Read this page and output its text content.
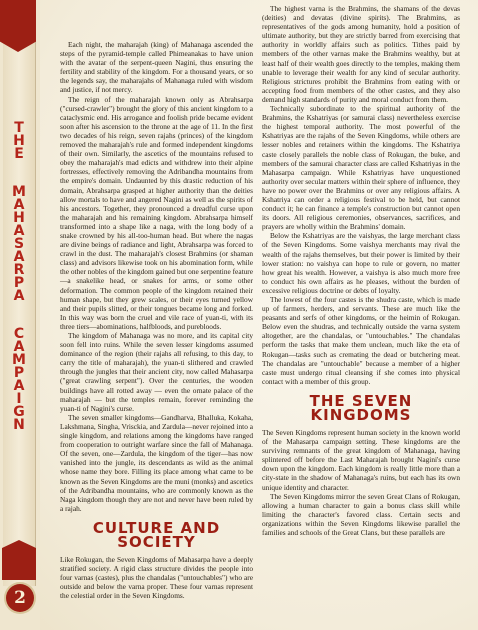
T
H
E
M
A
H
A
S
A
R
P
A
C
A
M
P
A
I
G
N
2

Each night, the maharajah (king) of Mahanaga ascended the steps of the pyramid-temple called Phimeanakas to have union with the avatar of the serpent-queen Nagini, thus ensuring the fertility and stability of the kingdom. For a thousand years, or so the legends say, the maharajahs of Mahanaga ruled with wisdom and justice, if not mercy.

The reign of the maharajah known only as Abrahsarpa ("cursed-crawler") brought the glory of this ancient kingdom to a cataclysmic end. His arrogance and foolish pride became evident soon after his ascension to the throne at the age of 11. In the first two decades of his reign, seven rajahs (princes) of the kingdom removed the maharajah's rule and formed independent kingdoms of their own. Similarly, the ascetics of the mountains refused to obey the maharajah's mad edicts and withdrew into their alpine fortresses, effectively removing the Adribandha mountains from the empire's domain. Undaunted by this drastic reduction of his domain, Abrahsarpa grasped at higher authority than the deities allow mortals to have and angered Nagini as well as the spirits of his ancestors. Together, they pronounced a dreadful curse upon the maharajah and his remaining kingdom. Abrahsarpa himself transformed into a shape like a naga, with the long body of a snake crowned by his all-too-human head. But where the nagas are divine beings of radiance and light, Abrahsarpa was forced to crawl in the dust. The maharajah's closest Brahmins (or shaman class) and advisors likewise took on his abomination form, while the other nobles of the kingdom gained but one serpentine feature—a snakelike head, or snakes for arms, or some other deformation. The common people of the kingdom retained their human shape, but they grew scales, or their eyes turned yellow and their pupils slitted, or their tongues became long and forked. In this way was born the cruel and vile race of yuan-ti, with its three tiers—abominations, halfbloods, and purebloods.

The kingdom of Mahanaga was no more, and its capital city soon fell into ruins. While the seven lesser kingdoms assumed dominance of the region (their rajahs all refusing, to this day, to carry the title of maharajah), the yuan-ti slithered and crawled through the jungles that their ancient city, now called Mahasarpa ("great crawling serpent"). Over the centuries, the wooden buildings have all rotted away — even the ornate palace of the maharajah — but the temples remain, forever reminding the yuan-ti of Nagini's curse.

The seven smaller kingdoms—Gandharva, Bhalluka, Kokaha, Lakshmana, Singha, Vrisckia, and Zardula—never rejoined into a single kingdom, and relations among the kingdoms have ranged from cooperation to outright warfare since the fall of Mahanaga. Of the seven, one—Zardula, the kingdom of the tiger—has now vanished into the jungle, its descendants as wild as the animal whose name they bore. Filling its place among what came to be known as the Seven Kingdoms are the muni (monks) and ascetics of the Adribandha mountains, who are commonly known as the Naga kingdom though they are not and never have been ruled by a rajah.

CULTURE AND
SOCIETY

Like Rokugan, the Seven Kingdoms of Mahasarpa have a deeply stratified society. A rigid class structure divides the people into four varnas (castes), plus the chandalas ("untouchables") who are outside and below the varna proper. These four varnas represent the celestial order in the Seven Kingdoms.

The highest varna is the Brahmins, the shamans of the devas (deities) and devatas (divine spirits). The Brahmins, as representatives of the gods among humanity, hold a position of ultimate authority, but they are strictly barred from exercising that authority in worldly affairs such as politics. Tithes paid by members of the other varnas make the Brahmins wealthy, but at least half of their wealth goes directly to the temples, making them unable to leverage their wealth for any kind of secular authority. Religious strictures prohibit the Brahmins from eating with or accepting food from members of the other castes, and they also demand high standards of purity and moral conduct from them.

Technically subordinate to the spiritual authority of the Brahmins, the Kshatriyas (or samurai class) nevertheless exercise the highest temporal authority. The most powerful of the Kshatriyas are the rajahs of the Seven Kingdoms, while others are lesser nobles and retainers within the kingdoms. The Kshatriya caste closely parallels the noble class of Rokugan, the buke, and members of the samurai character class are called Kshatriyas in the Mahasarpa campaign. While Kshatriyas have unquestioned authority over secular matters within their sphere of influence, they have no power over the Brahmins or over any religious affairs. A Kshatriya can order a religious festival to be held, but cannot conduct it; he can finance a temple's construction but cannot open its doors. All religious ceremonies, observances, sacrifices, and prayers are wholly within the Brahmins' domain.

Below the Kshatriyas are the vaishyas, the large merchant class of the Seven Kingdoms. Some vaishya merchants may rival the wealth of the rajahs themselves, but their power is limited by their lower station: no vaishya can hope to rule or govern, no matter how great his wealth. However, a vaishya is also much more free to conduct his own affairs as he pleases, without the burden of excessive religious doctrine or debts of loyalty.

The lowest of the four castes is the shudra caste, which is made up of farmers, herders, and servants. These are much like the peasants and serfs of other kingdoms, or the heimin of Rokugan. Below even the shudras, and technically outside the varna system altogether, are the chandalas, or "untouchables." The chandalas perform the tasks that make them unclean, much like the eta of Rokugan—tasks such as cremating the dead or butchering meat. The chandalas are "untouchable" because a member of a higher caste must undergo ritual cleansing if she comes into physical contact with a member of this group.

THE SEVEN
KINGDOMS

The Seven Kingdoms represent human society in the known world of the Mahasarpa campaign setting. These kingdoms are the surviving remnants of the great kingdom of Mahanaga, having splintered off before the Last Maharajah brought Nagini's curse down upon the kingdom. Each kingdom is really little more than a city-state in the shadow of Mahanaga's ruins, but each has its own unique identity and character.

The Seven Kingdoms mirror the seven Great Clans of Rokugan, allowing a human character to gain a bonus class skill while limiting the character's favored class. Certain sects and organizations within the Seven Kingdoms likewise parallel the families and schools of the Great Clans, but these parallels are
